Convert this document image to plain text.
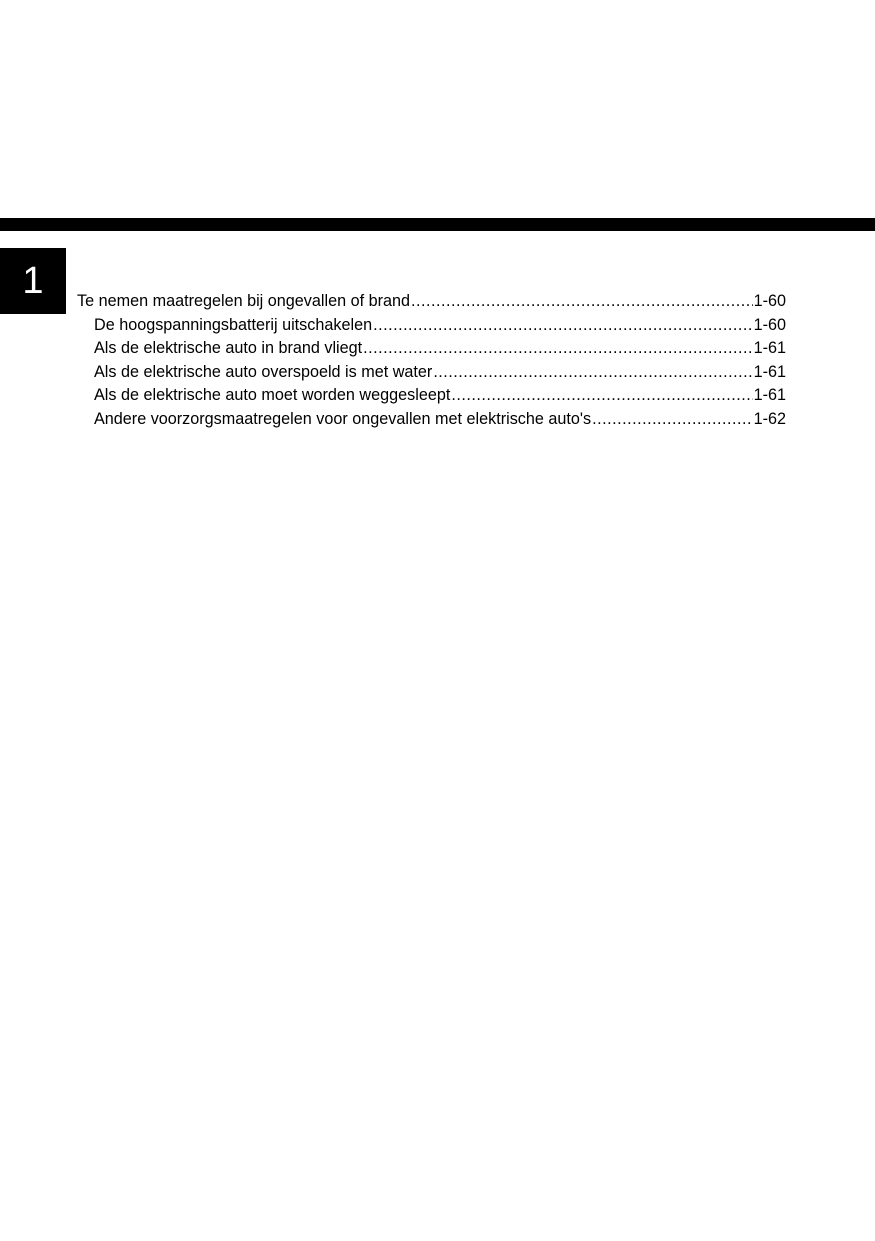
1 Te nemen maatregelen bij ongevallen of brand .....	1-60
De hoogspanningsbatterij uitschakelen .....	1-60
Als de elektrische auto in brand vliegt .....	1-61
Als de elektrische auto overspoeld is met water .....	1-61
Als de elektrische auto moet worden weggesleept .....	1-61
Andere voorzorgsmaatregelen voor ongevallen met elektrische auto's .....	1-62
